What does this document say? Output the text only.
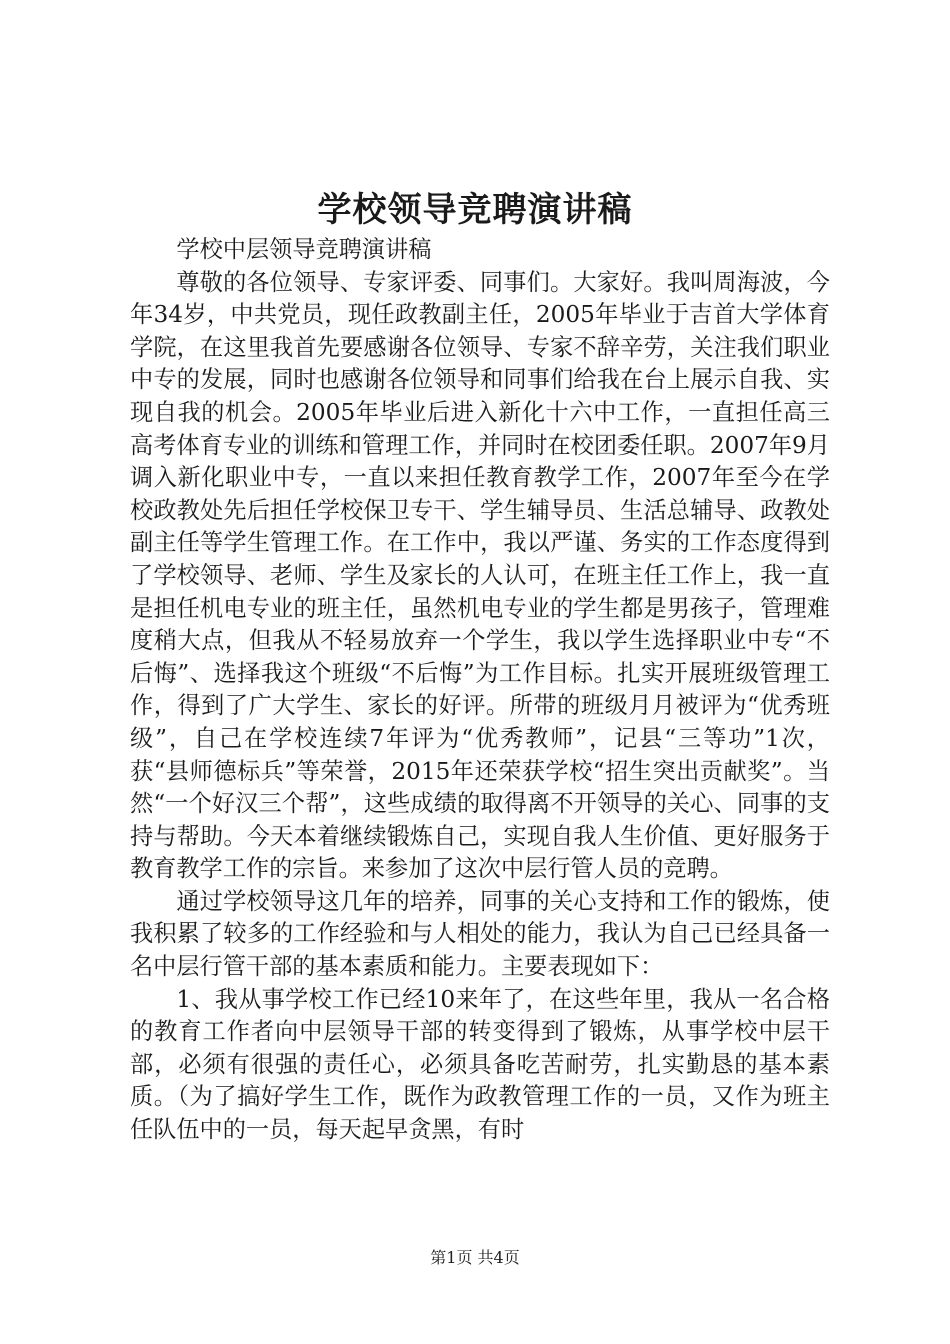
学校领导竞聘演讲稿

学校中层领导竞聘演讲稿

尊敬的各位领导、专家评委、同事们。大家好。我叫周海波，今年34岁，中共党员，现任政教副主任，2005年毕业于吉首大学体育学院，在这里我首先要感谢各位领导、专家不辞辛劳，关注我们职业中专的发展，同时也感谢各位领导和同事们给我在台上展示自我、实现自我的机会。2005年毕业后进入新化十六中工作，一直担任高三高考体育专业的训练和管理工作，并同时在校团委任职。2007年9月调入新化职业中专，一直以来担任教育教学工作，2007年至今在学校政教处先后担任学校保卫专干、学生辅导员、生活总辅导、政教处副主任等学生管理工作。在工作中，我以严谨、务实的工作态度得到了学校领导、老师、学生及家长的人认可，在班主任工作上，我一直是担任机电专业的班主任，虽然机电专业的学生都是男孩子，管理难度稍大点，但我从不轻易放弃一个学生，我以学生选择职业中专“不后悔”、选择我这个班级“不后悔”为工作目标。扎实开展班级管理工作，得到了广大学生、家长的好评。所带的班级月月被评为“优秀班级”，自己在学校连续7年评为“优秀教师”，记县“三等功”1次，获“县师德标兵”等荣誉，2015年还荣获学校“招生突出贡献奖”。当然“一个好汉三个帮”，这些成绩的取得离不开领导的关心、同事的支持与帮助。今天本着继续锻炼自己，实现自我人生价值、更好服务于教育教学工作的宗旨。来参加了这次中层行管人员的竞聘。

通过学校领导这几年的培养，同事的关心支持和工作的锻炼，使我积累了较多的工作经验和与人相处的能力，我认为自己已经具备一名中层行管干部的基本素质和能力。主要表现如下：

1、我从事学校工作已经10来年了，在这些年里，我从一名合格的教育工作者向中层领导干部的转变得到了锻炼，从事学校中层干部，必须有很强的责任心，必须具备吃苦耐劳，扎实勤恳的基本素质。（为了搞好学生工作，既作为政教管理工作的一员，又作为班主任队伍中的一员，每天起早贪黑，有时

第1页 共4页
